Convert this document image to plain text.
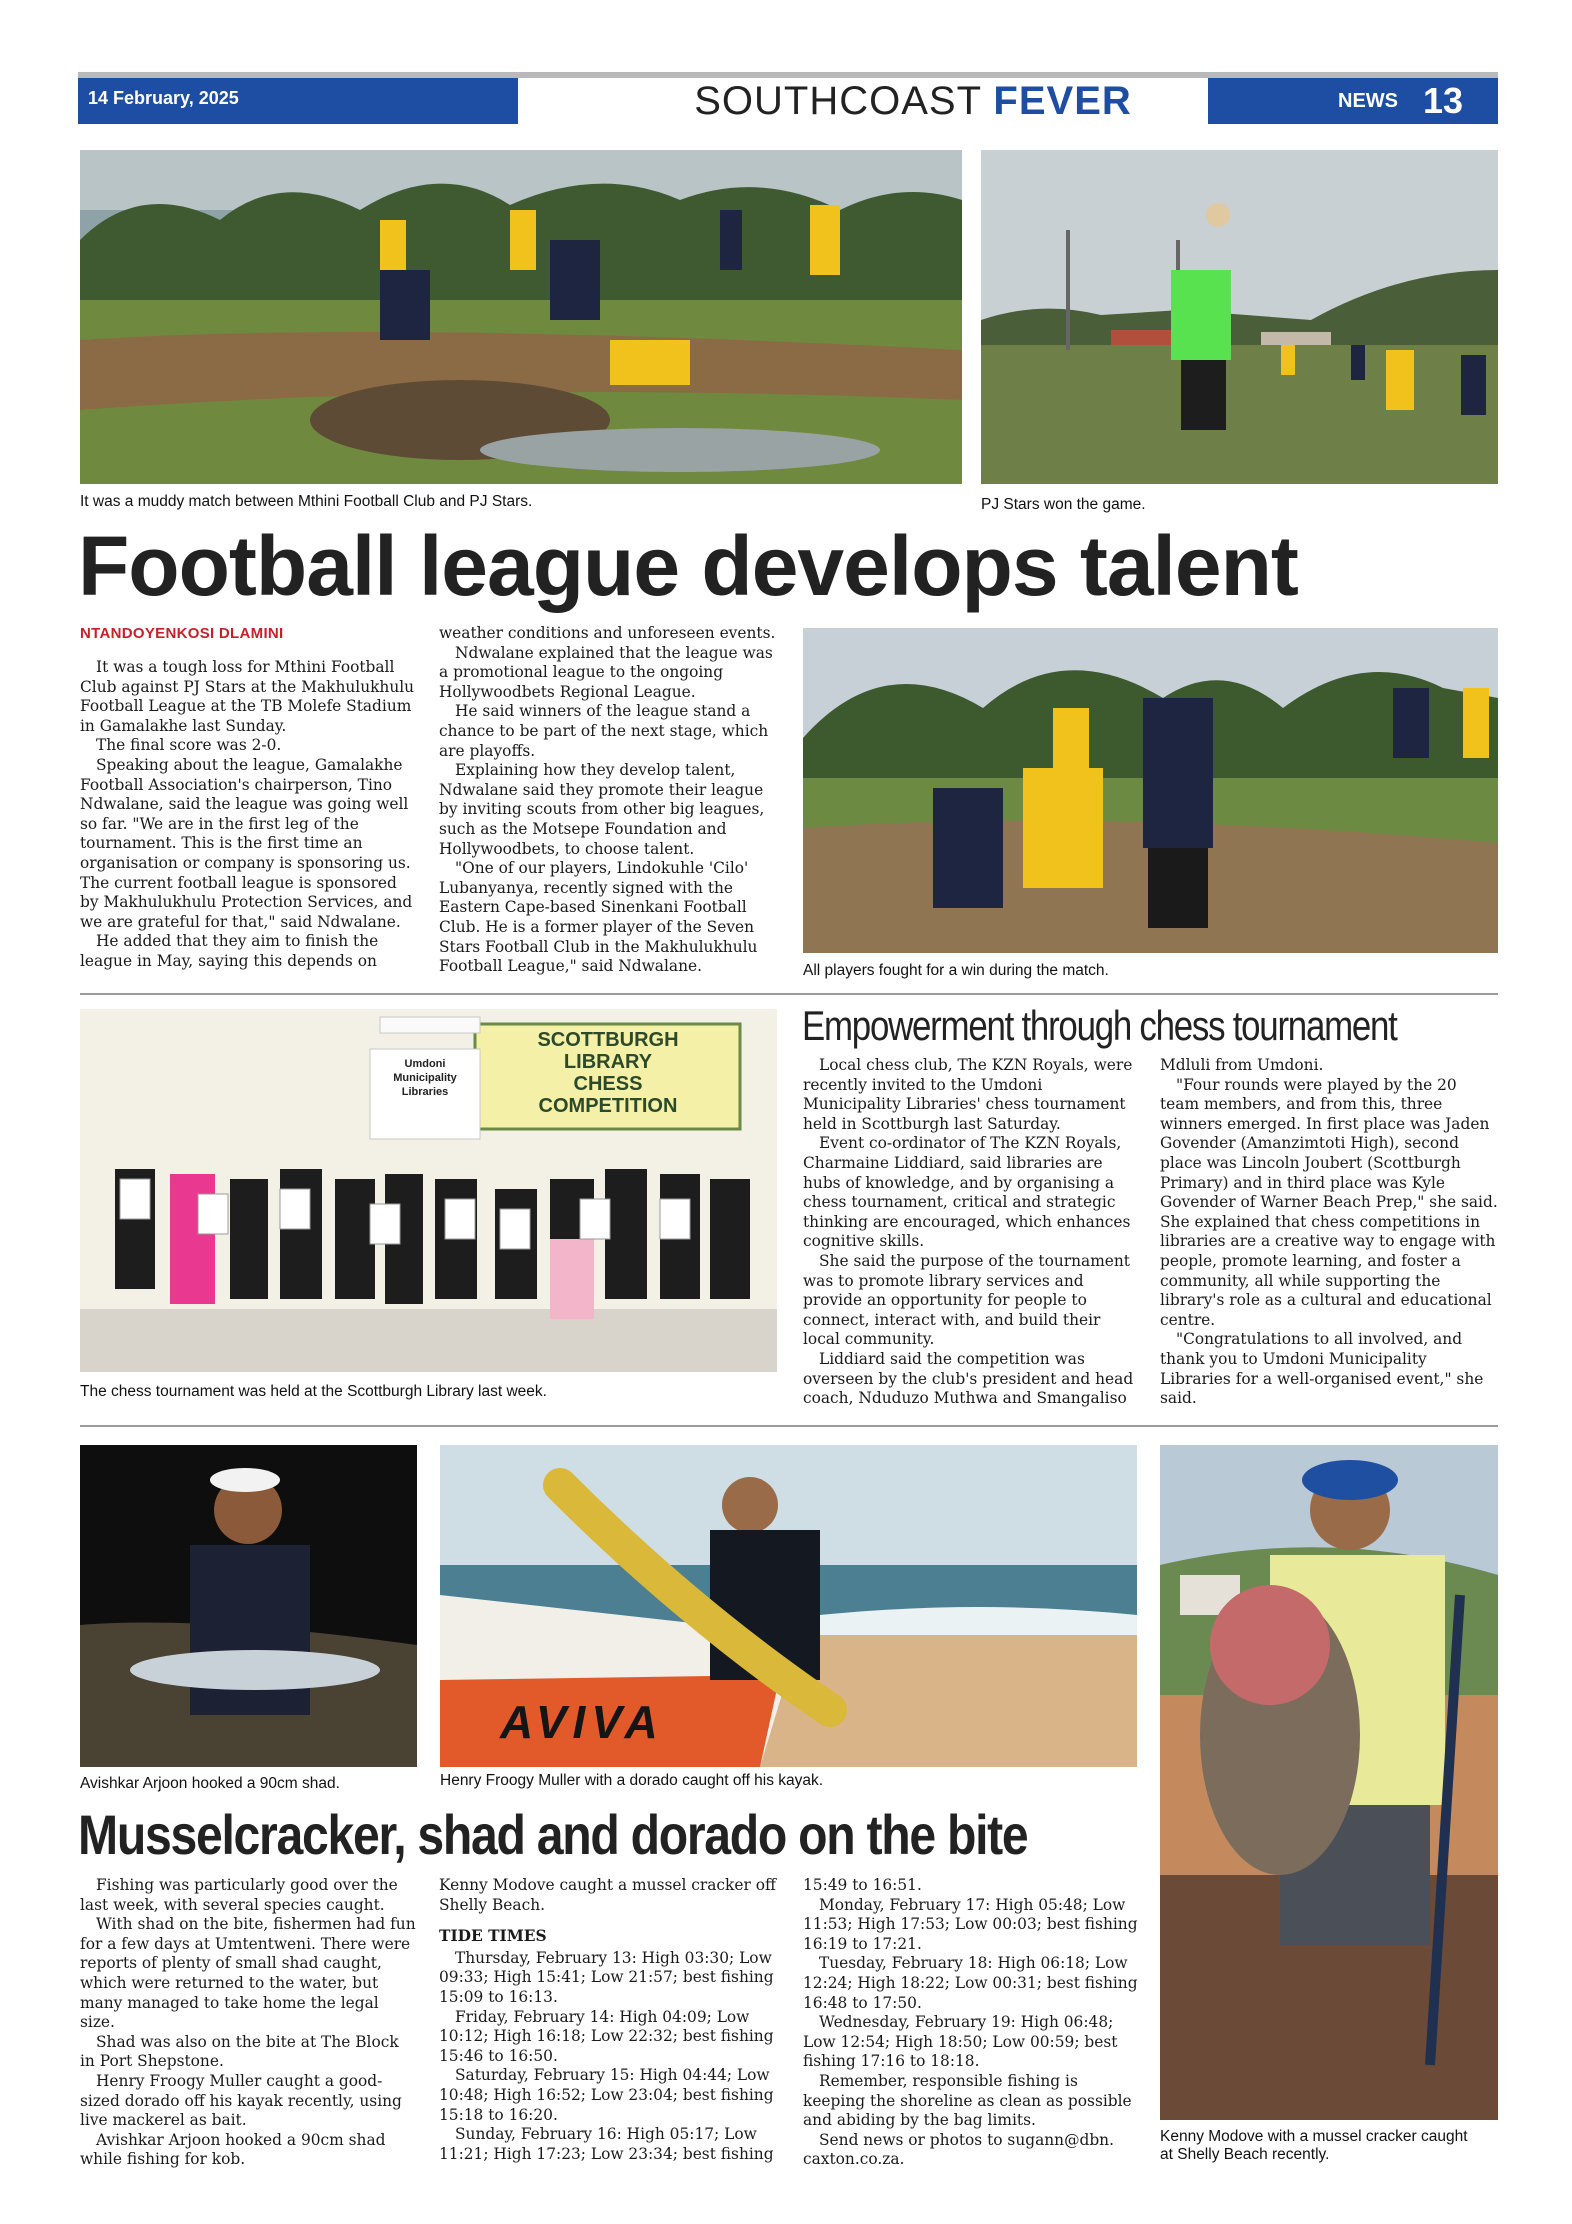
14 February, 2025	SOUTHCOAST FEVER	NEWS 13
It was a muddy match between Mthini Football Club and PJ Stars.	PJ Stars won the game.
Football league develops talent
NTANDOYENKOSI DLAMINI

It was a tough loss for Mthini Football Club against PJ Stars at the Makhulukhulu Football League at the TB Molefe Stadium in Gamalakhe last Sunday.

The final score was 2-0.

Speaking about the league, Gamalakhe Football Association's chairperson, Tino Ndwalane, said the league was going well so far. "We are in the first leg of the tournament. This is the first time an organisation or company is sponsoring us. The current football league is sponsored by Makhulukhulu Protection Services, and we are grateful for that," said Ndwalane.

He added that they aim to finish the league in May, saying this depends on

weather conditions and unforeseen events.

Ndwalane explained that the league was a promotional league to the ongoing Hollywoodbets Regional League.

He said winners of the league stand a chance to be part of the next stage, which are playoffs.

Explaining how they develop talent, Ndwalane said they promote their league by inviting scouts from other big leagues, such as the Motsepe Foundation and Hollywoodbets, to choose talent.

"One of our players, Lindokuhle 'Cilo' Lubanyanya, recently signed with the Eastern Cape-based Sinenkani Football Club. He is a former player of the Seven Stars Football Club in the Makhulukhulu Football League," said Ndwalane.	All players fought for a win during the match.
SCOTTBURGH
LIBRARY
CHESS
COMPETITION
Umdoni
Municipality
Libraries
The chess tournament was held at the Scottburgh Library last week.
Empowerment through chess tournament

Local chess club, The KZN Royals, were recently invited to the Umdoni Municipality Libraries' chess tournament held in Scottburgh last Saturday.

Event co-ordinator of The KZN Royals, Charmaine Liddiard, said libraries are hubs of knowledge, and by organising a chess tournament, critical and strategic thinking are encouraged, which enhances cognitive skills.

She said the purpose of the tournament was to promote library services and provide an opportunity for people to connect, interact with, and build their local community.

Liddiard said the competition was overseen by the club's president and head coach, Nduduzo Muthwa and Smangaliso

Mdluli from Umdoni.

"Four rounds were played by the 20 team members, and from this, three winners emerged. In first place was Jaden Govender (Amanzimtoti High), second place was Lincoln Joubert (Scottburgh Primary) and in third place was Kyle Govender of Warner Beach Prep," she said. She explained that chess competitions in libraries are a creative way to engage with people, promote learning, and foster a community, all while supporting the library's role as a cultural and educational centre.

"Congratulations to all involved, and thank you to Umdoni Municipality Libraries for a well-organised event," she said.

AVIVA
Avishkar Arjoon hooked a 90cm shad.	Henry Froogy Muller with a dorado caught off his kayak.
Kenny Modove with a mussel cracker caught
at Shelly Beach recently.
Musselcracker, shad and dorado on the bite

Fishing was particularly good over the last week, with several species caught.

With shad on the bite, fishermen had fun for a few days at Umtentweni. There were reports of plenty of small shad caught, which were returned to the water, but many managed to take home the legal size.

Shad was also on the bite at The Block in Port Shepstone.

Henry Froogy Muller caught a good-sized dorado off his kayak recently, using live mackerel as bait.

Avishkar Arjoon hooked a 90cm shad while fishing for kob.

Kenny Modove caught a mussel cracker off Shelly Beach.

TIDE TIMES

Thursday, February 13: High 03:30; Low 09:33; High 15:41; Low 21:57; best fishing 15:09 to 16:13.

Friday, February 14: High 04:09; Low 10:12; High 16:18; Low 22:32; best fishing 15:46 to 16:50.

Saturday, February 15: High 04:44; Low 10:48; High 16:52; Low 23:04; best fishing 15:18 to 16:20.

Sunday, February 16: High 05:17; Low 11:21; High 17:23; Low 23:34; best fishing

15:49 to 16:51.

Monday, February 17: High 05:48; Low 11:53; High 17:53; Low 00:03; best fishing 16:19 to 17:21.

Tuesday, February 18: High 06:18; Low 12:24; High 18:22; Low 00:31; best fishing 16:48 to 17:50.

Wednesday, February 19: High 06:48; Low 12:54; High 18:50; Low 00:59; best fishing 17:16 to 18:18.

Remember, responsible fishing is keeping the shoreline as clean as possible and abiding by the bag limits.

Send news or photos to sugann@dbn. caxton.co.za.
